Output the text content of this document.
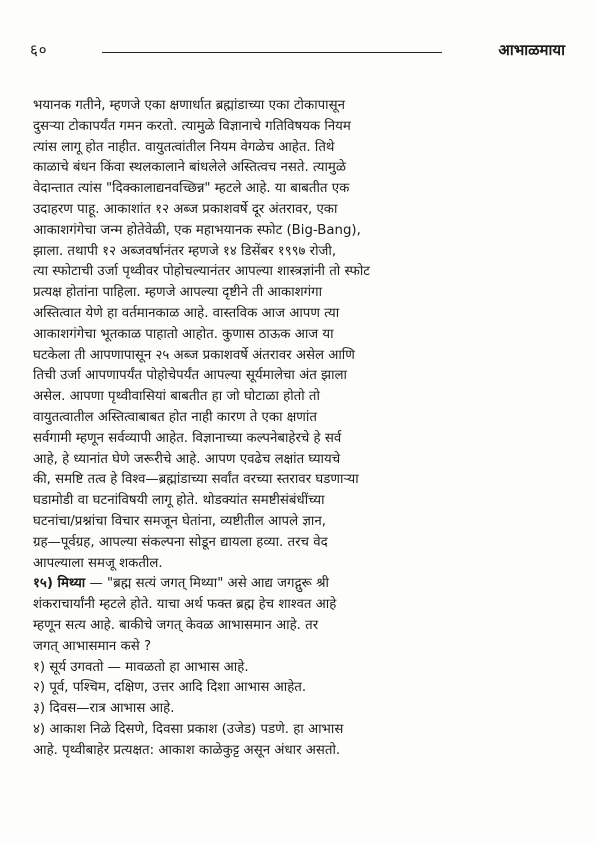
६०	आभाळमाया
भयानक गतीने, म्हणजे एका क्षणार्धात ब्रह्मांडाच्या एका टोकापासून
दुसऱ्या टोकापर्यंत गमन करतो. त्यामुळे विज्ञानाचे गतिविषयक नियम
त्यांस लागू होत नाहीत. वायुतत्वांतील नियम वेगळेच आहेत. तिथे
काळाचे बंधन किंवा स्थलकालाने बांधलेले अस्तित्वच नसते. त्यामुळे
वेदान्तात त्यांस "दिक्कालाद्यनवच्छिन्न" म्हटले आहे. या बाबतीत एक
उदाहरण पाहू. आकाशांत १२ अब्ज प्रकाशवर्षे दूर अंतरावर, एका
आकाशगंगेचा जन्म होतेवेळी, एक महाभयानक स्फोट (Big-Bang),
झाला. तथापी १२ अब्जवर्षानंतर म्हणजे १४ डिसेंबर १९९७ रोजी,
त्या स्फोटाची उर्जा पृथ्वीवर पोहोचल्यानंतर आपल्या शास्त्रज्ञांनी तो स्फोट
प्रत्यक्ष होतांना पाहिला. म्हणजे आपल्या दृष्टीने ती आकाशगंगा
अस्तित्वात येणे हा वर्तमानकाळ आहे. वास्तविक आज आपण त्या
आकाशगंगेचा भूतकाळ पाहातो आहोत. कुणास ठाऊक आज या
घटकेला ती आपणापासून २५ अब्ज प्रकाशवर्षे अंतरावर असेल आणि
तिची उर्जा आपणापर्यंत पोहोचेपर्यंत आपल्या सूर्यमालेचा अंत झाला
असेल. आपणा पृथ्वीवासियां बाबतीत हा जो घोटाळा होतो तो
वायुतत्वातील अस्तित्वाबाबत होत नाही कारण ते एका क्षणांत
सर्वगामी म्हणून सर्वव्यापी आहेत. विज्ञानाच्या कल्पनेबाहेरचे हे सर्व
आहे, हे ध्यानांत घेणे जरूरीचे आहे. आपण एवढेच लक्षांत घ्यायचे
की, समष्टि तत्व हे विश्व—ब्रह्मांडाच्या सर्वांत वरच्या स्तरावर घडणाऱ्या
घडामोडी वा घटनांविषयी लागू होते. थोडक्यांत समष्टीसंबंधींच्या
घटनांचा/प्रश्नांचा विचार समजून घेतांना, व्यष्टीतील आपले ज्ञान,
ग्रह—पूर्वग्रह, आपल्या संकल्पना सोडून द्यायला हव्या. तरच वेद
आपल्याला समजू शकतील.
१५) मिथ्या — "ब्रह्म सत्यं जगत् मिथ्या" असे आद्य जगद्गुरू श्री
शंकराचार्यांनी म्हटले होते. याचा अर्थ फक्त ब्रह्म हेच शाश्वत आहे
म्हणून सत्य आहे. बाकीचे जगत् केवळ आभासमान आहे. तर
जगत् आभासमान कसे ?
१) सूर्य उगवतो — मावळतो हा आभास आहे.
२) पूर्व, पश्चिम, दक्षिण, उत्तर आदि दिशा आभास आहेत.
३) दिवस—रात्र आभास आहे.
४) आकाश निळे दिसणे, दिवसा प्रकाश (उजेड) पडणे. हा आभास
आहे. पृथ्वीबाहेर प्रत्यक्षत: आकाश काळेकुट्ट असून अंधार असतो.
